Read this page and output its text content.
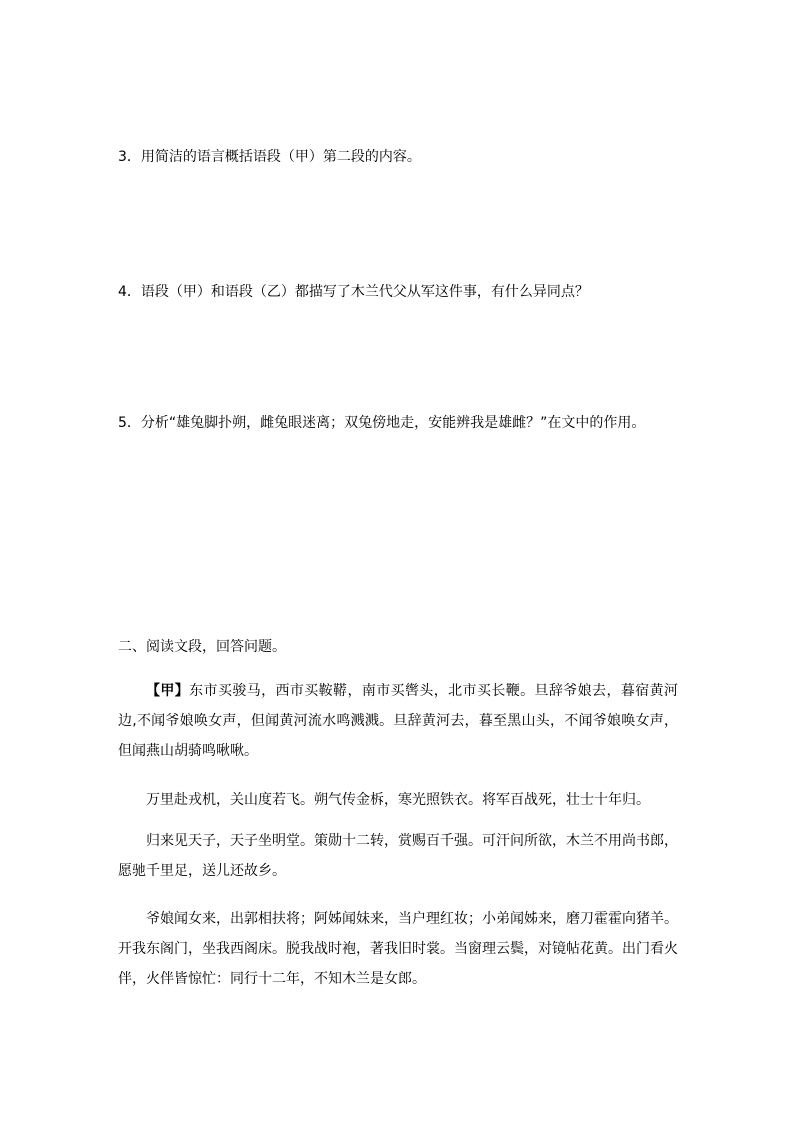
3．用简洁的语言概括语段（甲）第二段的内容。
4．语段（甲）和语段（乙）都描写了木兰代父从军这件事，有什么异同点？
5．分析“雄兔脚扑朔，雌兔眼迷离；双兔傍地走，安能辨我是雄雌？”在文中的作用。
二、阅读文段，回答问题。
【甲】东市买骏马，西市买鞍鞯，南市买辔头，北市买长鞭。旦辞爷娘去，暮宿黄河边,不闻爷娘唤女声，但闻黄河流水鸣溅溅。旦辞黄河去，暮至黑山头，不闻爷娘唤女声，但闻燕山胡骑鸣啾啾。
万里赴戎机，关山度若飞。朔气传金柝，寒光照铁衣。将军百战死，壮士十年归。
归来见天子，天子坐明堂。策勋十二转，赏赐百千强。可汗问所欲，木兰不用尚书郎，愿驰千里足，送儿还故乡。
爷娘闻女来，出郭相扶将；阿姊闻妹来，当户理红妆；小弟闻姊来，磨刀霍霍向猪羊。开我东阁门，坐我西阁床。脱我战时袍，著我旧时裳。当窗理云鬓，对镜帖花黄。出门看火伴，火伴皆惊忙：同行十二年，不知木兰是女郎。
